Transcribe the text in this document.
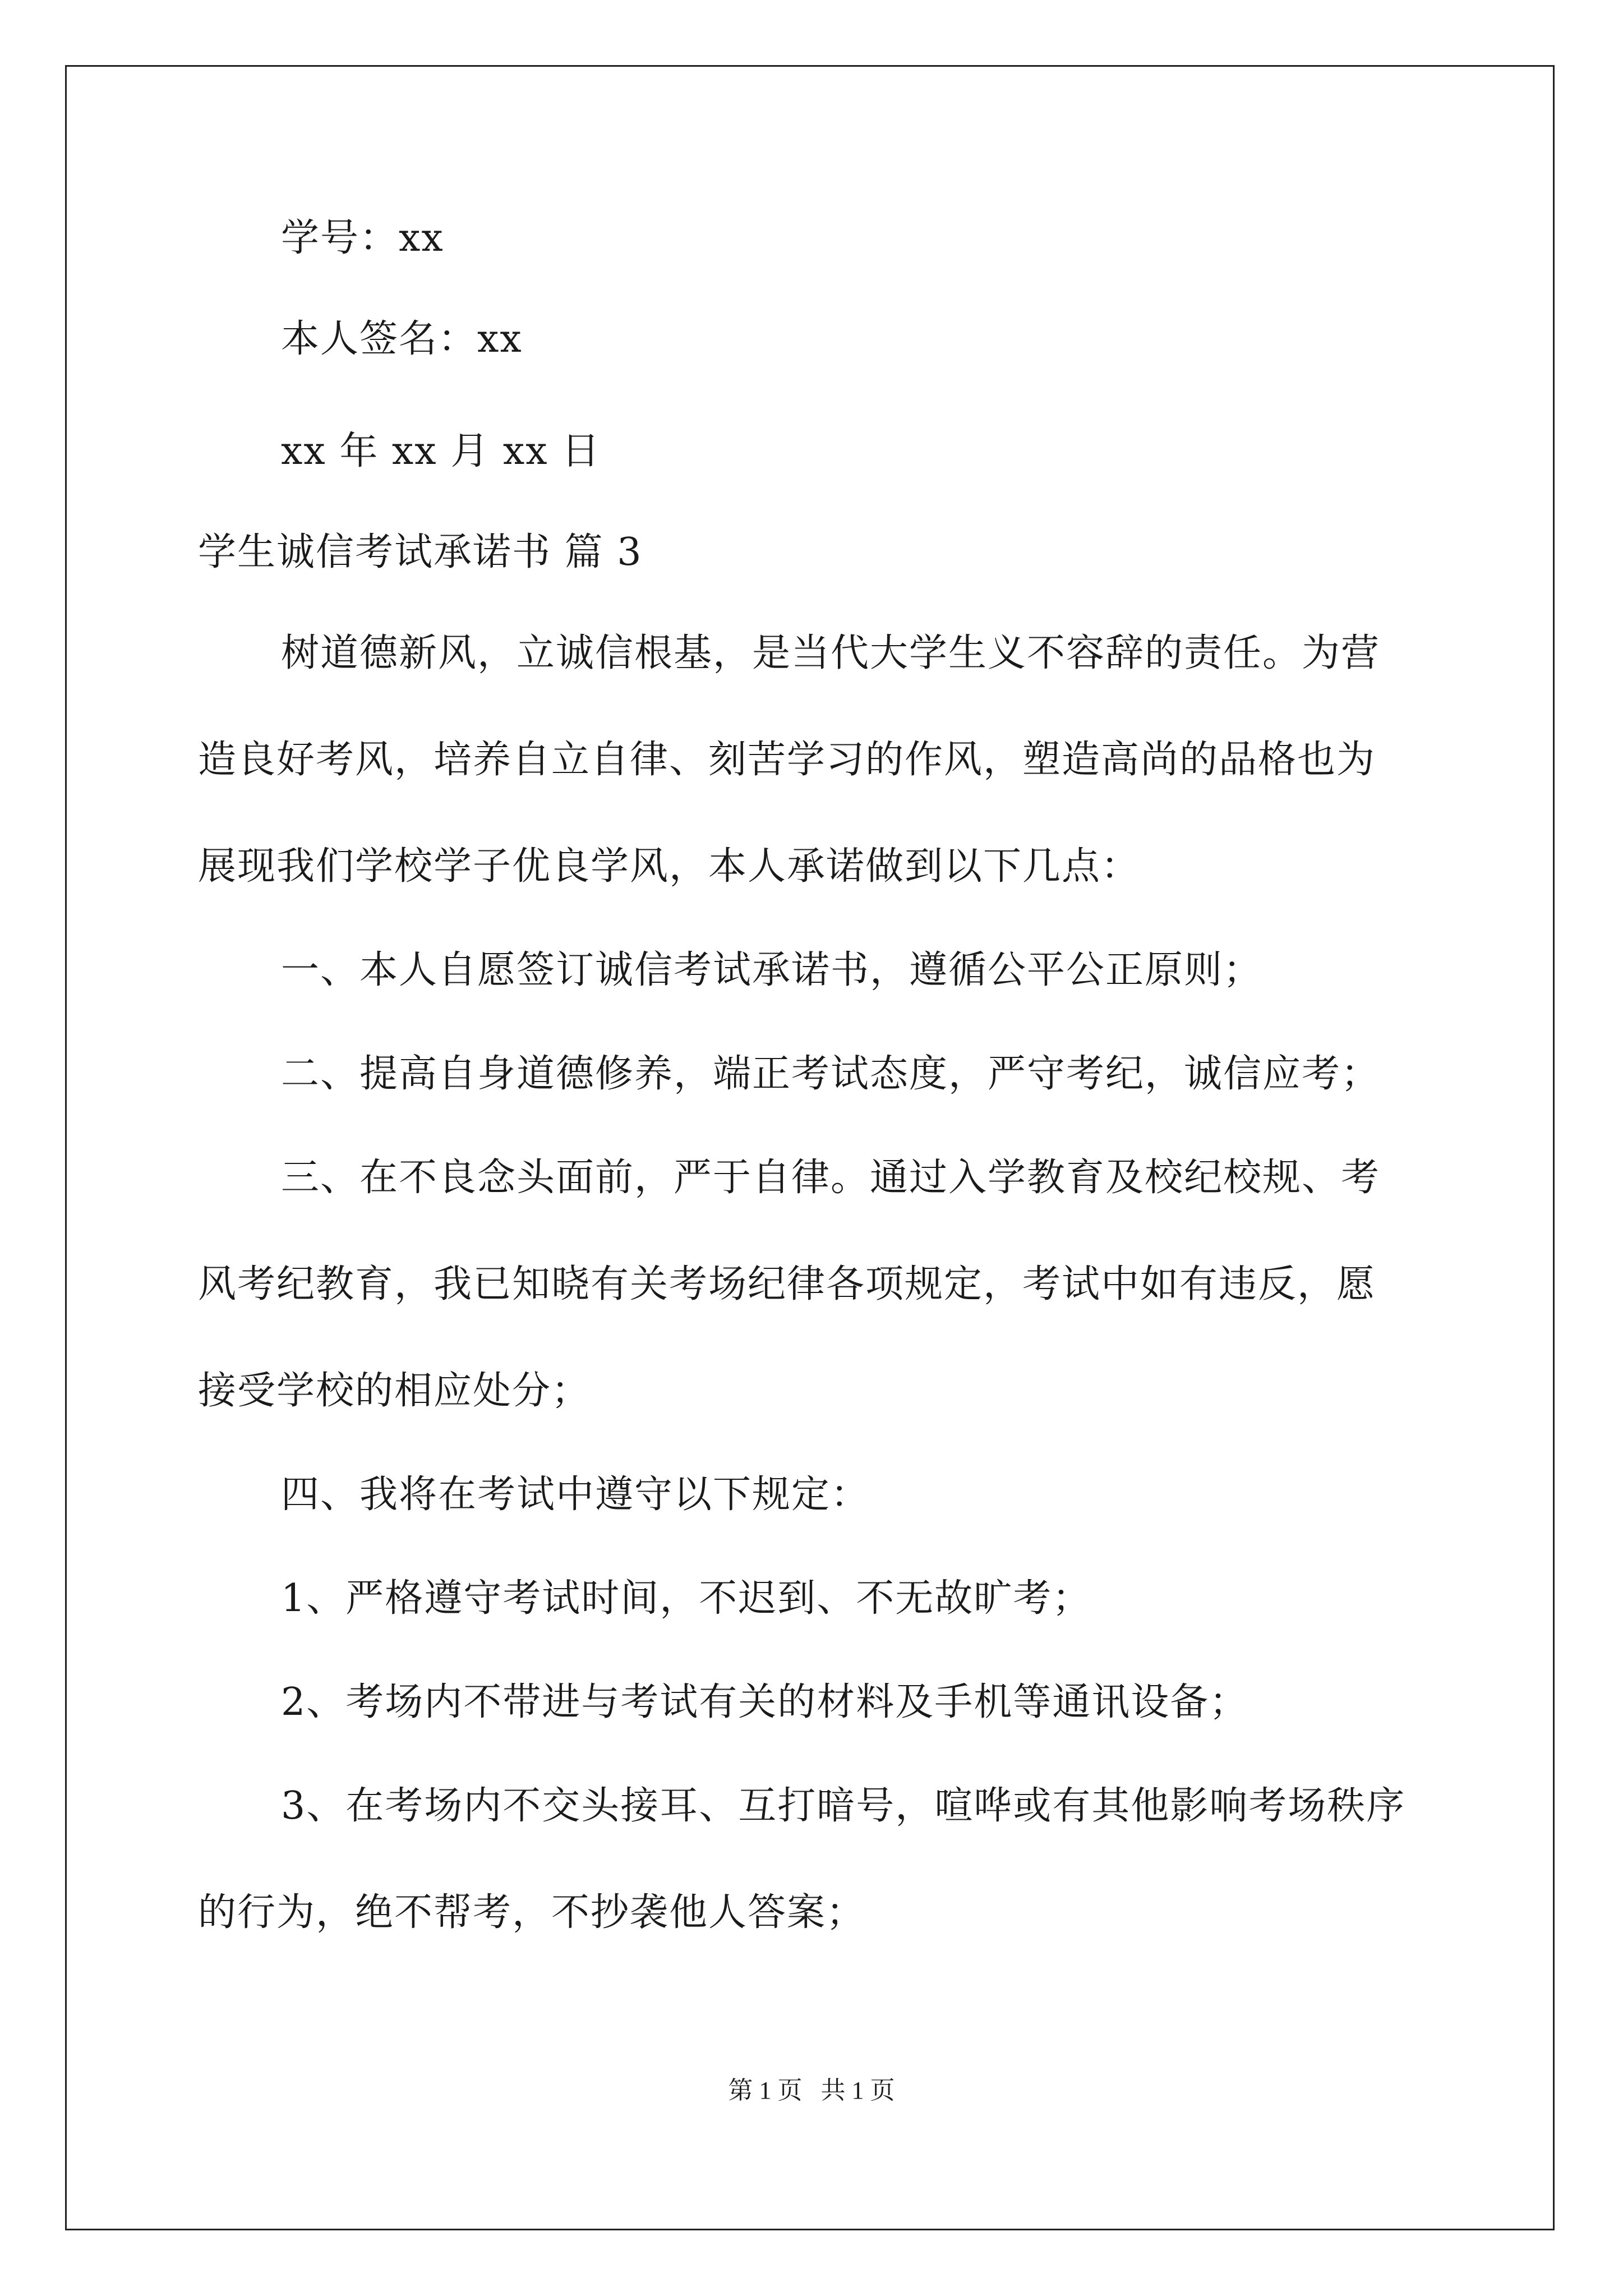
学号：xx
本人签名：xx
xx 年 xx 月 xx 日
学生诚信考试承诺书 篇 3
树道德新风，立诚信根基，是当代大学生义不容辞的责任。为营
造良好考风，培养自立自律、刻苦学习的作风，塑造高尚的品格也为
展现我们学校学子优良学风，本人承诺做到以下几点：
一、本人自愿签订诚信考试承诺书，遵循公平公正原则；
二、提高自身道德修养，端正考试态度，严守考纪，诚信应考；
三、在不良念头面前，严于自律。通过入学教育及校纪校规、考
风考纪教育，我已知晓有关考场纪律各项规定，考试中如有违反，愿
接受学校的相应处分；
四、我将在考试中遵守以下规定：
1、严格遵守考试时间，不迟到、不无故旷考；
2、考场内不带进与考试有关的材料及手机等通讯设备；
3、在考场内不交头接耳、互打暗号，喧哗或有其他影响考场秩序
的行为，绝不帮考，不抄袭他人答案；
第 1 页   共 1 页
